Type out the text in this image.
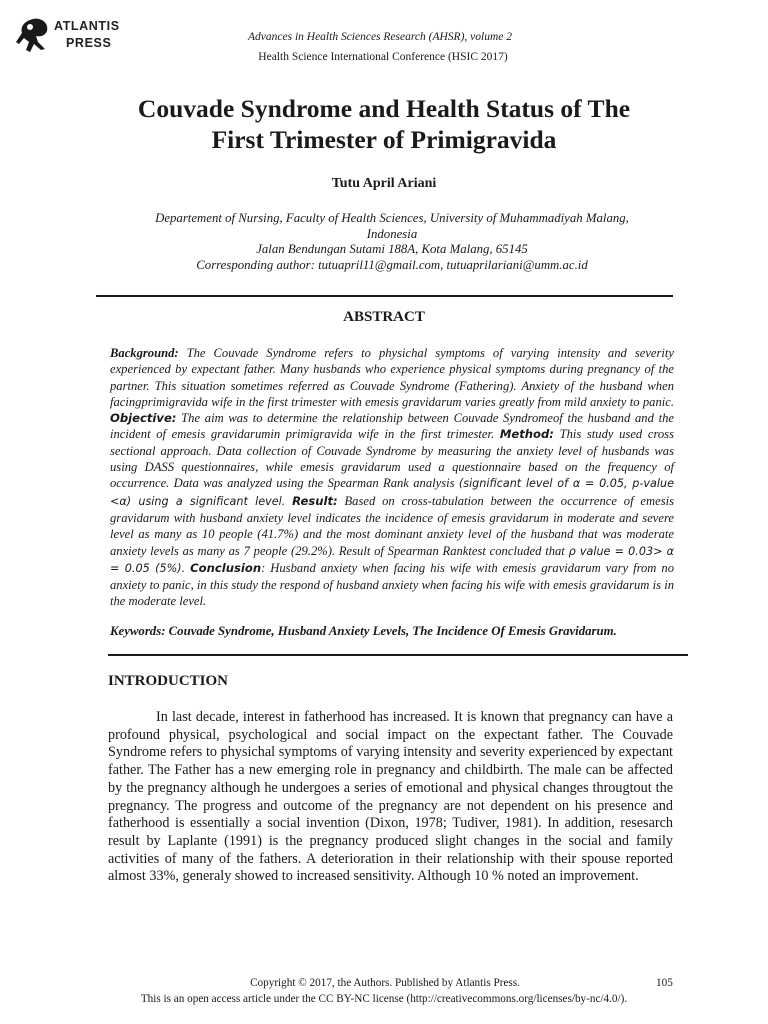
ATLANTIS
PRESS	Advances in Health Sciences Research (AHSR), volume 2
Health Science International Conference (HSIC 2017)
Couvade Syndrome and Health Status of The
First Trimester of Primigravida
Tutu April Ariani
Departement of Nursing, Faculty of Health Sciences, University of Muhammadiyah Malang,
Indonesia
Jalan Bendungan Sutami 188A, Kota Malang, 65145
Corresponding author: tutuapril11@gmail.com, tutuaprilariani@umm.ac.id
ABSTRACT
Background: The Couvade Syndrome refers to physichal symptoms of varying intensity and severity experienced by expectant father. Many husbands who experience physical symptoms during pregnancy of the partner. This situation sometimes referred as Couvade Syndrome (Fathering). Anxiety of the husband when facingprimigravida wife in the first trimester with emesis gravidarum varies greatly from mild anxiety to panic. Objective: The aim was to determine the relationship between Couvade Syndromeof the husband and the incident of emesis gravidarumin primigravida wife in the first trimester. Method: This study used cross sectional approach. Data collection of Couvade Syndrome by measuring the anxiety level of husbands was using DASS questionnaires, while emesis gravidarum used a questionnaire based on the frequency of occurrence. Data was analyzed using the Spearman Rank analysis (significant level of α = 0.05, p-value <α) using a significant level. Result: Based on cross-tabulation between the occurrence of emesis gravidarum with husband anxiety level indicates the incidence of emesis gravidarum in moderate and severe level as many as 10 people (41.7%) and the most dominant anxiety level of the husband that was moderate anxiety levels as many as 7 people (29.2%). Result of Spearman Ranktest concluded that ρ value = 0.03> α = 0.05 (5%). Conclusion: Husband anxiety when facing his wife with emesis gravidarum vary from no anxiety to panic, in this study the respond of husband anxiety when facing his wife with emesis gravidarum is in the moderate level.
Keywords: Couvade Syndrome, Husband Anxiety Levels, The Incidence Of Emesis Gravidarum.
INTRODUCTION

In last decade, interest in fatherhood has increased. It is known that pregnancy can have a profound physical, psychological and social impact on the expectant father. The Couvade Syndrome refers to physichal symptoms of varying intensity and severity experienced by expectant father. The Father has a new emerging role in pregnancy and childbirth. The male can be affected by the pregnancy although he undergoes a series of emotional and physical changes througtout the pregnancy. The progress and outcome of the pregnancy are not dependent on his presence and fatherhood is essentially a social invention (Dixon, 1978; Tudiver, 1981). In addition, resesarch result by Laplante (1991) is the pregnancy produced slight changes in the social and family activities of many of the fathers. A deterioration in their relationship with their spouse reported almost 33%, generaly showed to increased sensitivity. Although 10 % noted an improvement.

Copyright © 2017, the Authors. Published by Atlantis Press.	105
This is an open access article under the CC BY-NC license (http://creativecommons.org/licenses/by-nc/4.0/).
